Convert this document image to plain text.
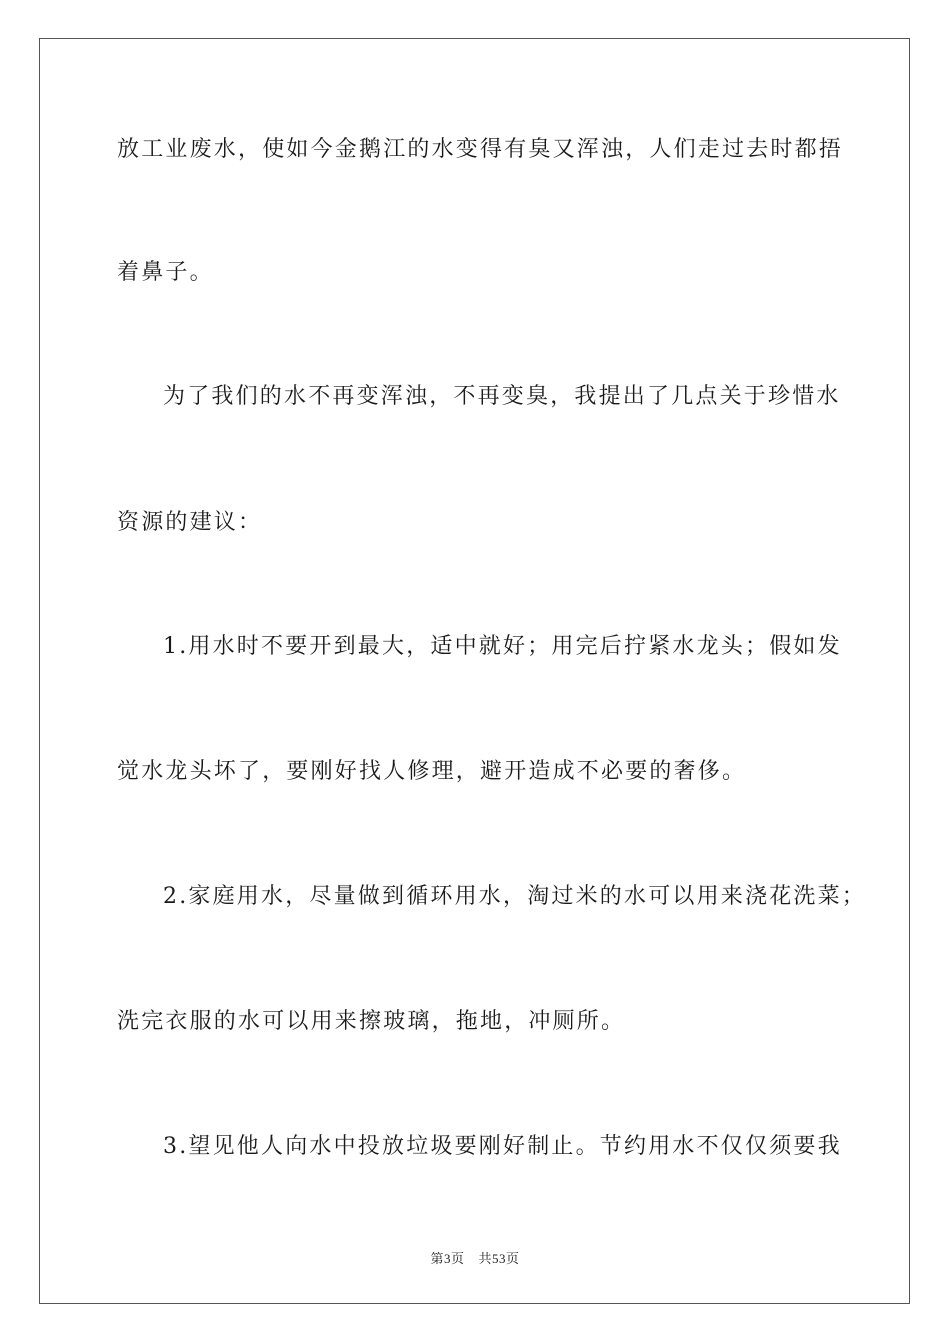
放工业废水，使如今金鹅江的水变得有臭又浑浊，人们走过去时都捂
着鼻子。
为了我们的水不再变浑浊，不再变臭，我提出了几点关于珍惜水
资源的建议：
1.用水时不要开到最大，适中就好；用完后拧紧水龙头；假如发
觉水龙头坏了，要刚好找人修理，避开造成不必要的奢侈。
2.家庭用水，尽量做到循环用水，淘过米的水可以用来浇花洗菜；
洗完衣服的水可以用来擦玻璃，拖地，冲厕所。
3.望见他人向水中投放垃圾要刚好制止。节约用水不仅仅须要我
第3页 共53页
